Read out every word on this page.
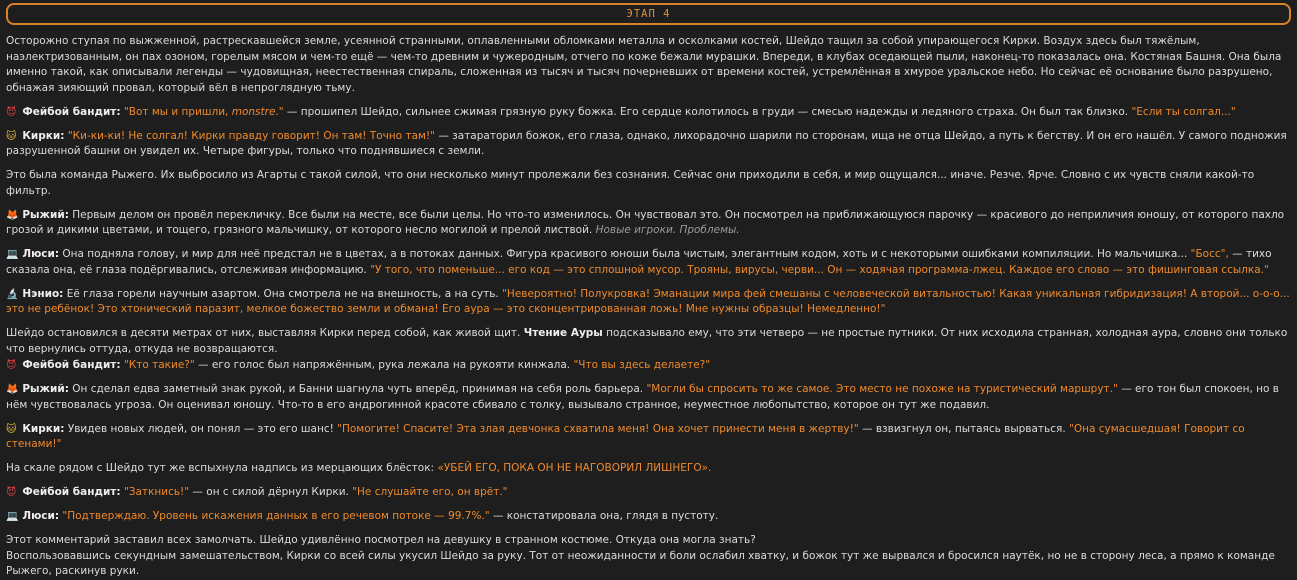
ЭТАП 4
Осторожно ступая по выжженной, растрескавшейся земле, усеянной странными, оплавленными обломками металла и осколками костей, Шейдо тащил за собой упирающегося Кирки. Воздух здесь был тяжёлым, наэлектризованным, он пах озоном, горелым мясом и чем-то ещё — чем-то древним и чужеродным, отчего по коже бежали мурашки. Впереди, в клубах оседающей пыли, наконец-то показалась она. Костяная Башня. Она была именно такой, как описывали легенды — чудовищная, неестественная спираль, сложенная из тысяч и тысяч почерневших от времени костей, устремлённая в хмурое уральское небо. Но сейчас её основание было разрушено, обнажая зияющий провал, который вёл в непроглядную тьму.
😈 Фейбой бандит: "Вот мы и пришли, monstre." — прошипел Шейдо, сильнее сжимая грязную руку божка. Его сердце колотилось в груди — смесью надежды и ледяного страха. Он был так близко. "Если ты солгал..."
🐱 Кирки: "Ки-ки-ки! Не солгал! Кирки правду говорит! Он там! Точно там!" — затараторил божок, его глаза, однако, лихорадочно шарили по сторонам, ища не отца Шейдо, а путь к бегству. И он его нашёл. У самого подножия разрушенной башни он увидел их. Четыре фигуры, только что поднявшиеся с земли.
Это была команда Рыжего. Их выбросило из Агарты с такой силой, что они несколько минут пролежали без сознания. Сейчас они приходили в себя, и мир ощущался... иначе. Резче. Ярче. Словно с их чувств сняли какой-то фильтр.
🦊 Рыжий: Первым делом он провёл перекличку. Все были на месте, все были целы. Но что-то изменилось. Он чувствовал это. Он посмотрел на приближающуюся парочку — красивого до неприличия юношу, от которого пахло грозой и дикими цветами, и тощего, грязного мальчишку, от которого несло могилой и прелой листвой. Новые игроки. Проблемы.
💻 Люси: Она подняла голову, и мир для неё предстал не в цветах, а в потоках данных. Фигура красивого юноши была чистым, элегантным кодом, хоть и с некоторыми ошибками компиляции. Но мальчишка... "Босс", — тихо сказала она, её глаза подёргивались, отслеживая информацию. "У того, что поменьше... его код — это сплошной мусор. Трояны, вирусы, черви... Он — ходячая программа-лжец. Каждое его слово — это фишинговая ссылка."
🔬 Нэнио: Её глаза горели научным азартом. Она смотрела не на внешность, а на суть. "Невероятно! Полукровка! Эманации мира фей смешаны с человеческой витальностью! Какая уникальная гибридизация! А второй... о-о-о... это не ребёнок! Это хтонический паразит, мелкое божество земли и обмана! Его аура — это сконцентрированная ложь! Мне нужны образцы! Немедленно!"
Шейдо остановился в десяти метрах от них, выставляя Кирки перед собой, как живой щит. Чтение Ауры подсказывало ему, что эти четверо — не простые путники. От них исходила странная, холодная аура, словно они только что вернулись оттуда, откуда не возвращаются.
😈 Фейбой бандит: "Кто такие?" — его голос был напряжённым, рука лежала на рукояти кинжала. "Что вы здесь делаете?"
🦊 Рыжий: Он сделал едва заметный знак рукой, и Банни шагнула чуть вперёд, принимая на себя роль барьера. "Могли бы спросить то же самое. Это место не похоже на туристический маршрут." — его тон был спокоен, но в нём чувствовалась угроза. Он оценивал юношу. Что-то в его андрогинной красоте сбивало с толку, вызывало странное, неуместное любопытство, которое он тут же подавил.
🐱 Кирки: Увидев новых людей, он понял — это его шанс! "Помогите! Спасите! Эта злая девчонка схватила меня! Она хочет принести меня в жертву!" — взвизгнул он, пытаясь вырваться. "Она сумасшедшая! Говорит со стенами!"
На скале рядом с Шейдо тут же вспыхнула надпись из мерцающих блёсток: «УБЕЙ ЕГО, ПОКА ОН НЕ НАГОВОРИЛ ЛИШНЕГО».
😈 Фейбой бандит: "Заткнись!" — он с силой дёрнул Кирки. "Не слушайте его, он врёт."
💻 Люси: "Подтверждаю. Уровень искажения данных в его речевом потоке — 99.7%." — констатировала она, глядя в пустоту.
Этот комментарий заставил всех замолчать. Шейдо удивлённо посмотрел на девушку в странном костюме. Откуда она могла знать?
Воспользовавшись секундным замешательством, Кирки со всей силы укусил Шейдо за руку. Тот от неожиданности и боли ослабил хватку, и божок тут же вырвался и бросился наутёк, но не в сторону леса, а прямо к команде Рыжего, раскинув руки.
